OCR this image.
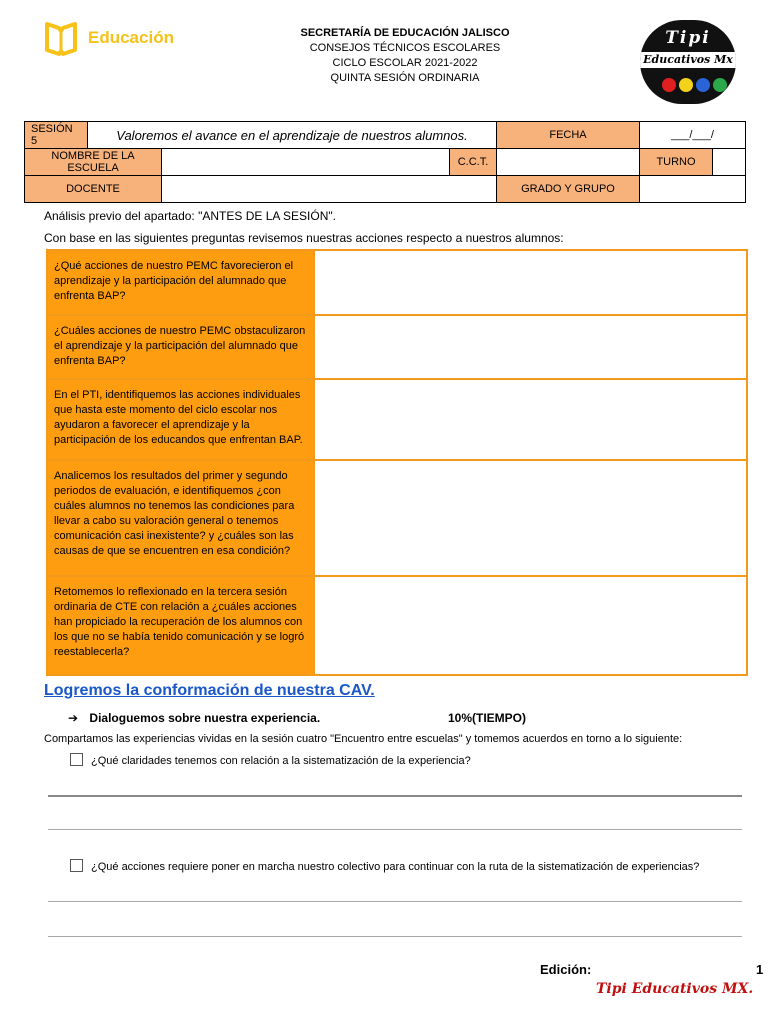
Educación	SECRETARÍA DE EDUCACIÓN JALISCO
CONSEJOS TÉCNICOS ESCOLARES
CICLO ESCOLAR 2021-2022
QUINTA SESIÓN ORDINARIA
Tipi
Educativos Mx
SESIÓN 5	Valoremos el avance en el aprendizaje de nuestros alumnos.			FECHA	___/___/	
NOMBRE DE LA ESCUELA			C.C.T.		TURNO	
DOCENTE				GRADO Y GRUPO		
Análisis previo del apartado: "ANTES DE LA SESIÓN".
Con base en las siguientes preguntas revisemos nuestras acciones respecto a nuestros alumnos:
¿Qué acciones de nuestro PEMC favorecieron el aprendizaje y la participación del alumnado que enfrenta BAP?	
¿Cuáles acciones de nuestro PEMC obstaculizaron el aprendizaje y la participación del alumnado que enfrenta BAP?	
En el PTI, identifiquemos las acciones individuales que hasta este momento del ciclo escolar nos ayudaron a favorecer el aprendizaje y la participación de los educandos que enfrentan BAP.	
Analicemos los resultados del primer y segundo periodos de evaluación, e identifiquemos ¿con cuáles alumnos no tenemos las condiciones para llevar a cabo su valoración general o tenemos comunicación casi inexistente? y ¿cuáles son las causas de que se encuentren en esa condición?	
Retomemos lo reflexionado en la tercera sesión ordinaria de CTE con relación a ¿cuáles acciones han propiciado la recuperación de los alumnos con los que no se había tenido comunicación y se logró reestablecerla?	
Logremos la conformación de nuestra CAV.
➔ Dialoguemos sobre nuestra experiencia.	10%(TIEMPO)
Compartamos las experiencias vividas en la sesión cuatro "Encuentro entre escuelas" y tomemos acuerdos en torno a lo siguiente:
¿Qué claridades tenemos con relación a la sistematización de la experiencia?
¿Qué acciones requiere poner en marcha nuestro colectivo para continuar con la ruta de la sistematización de experiencias?
Edición:	1
Tipi Educativos MX.
